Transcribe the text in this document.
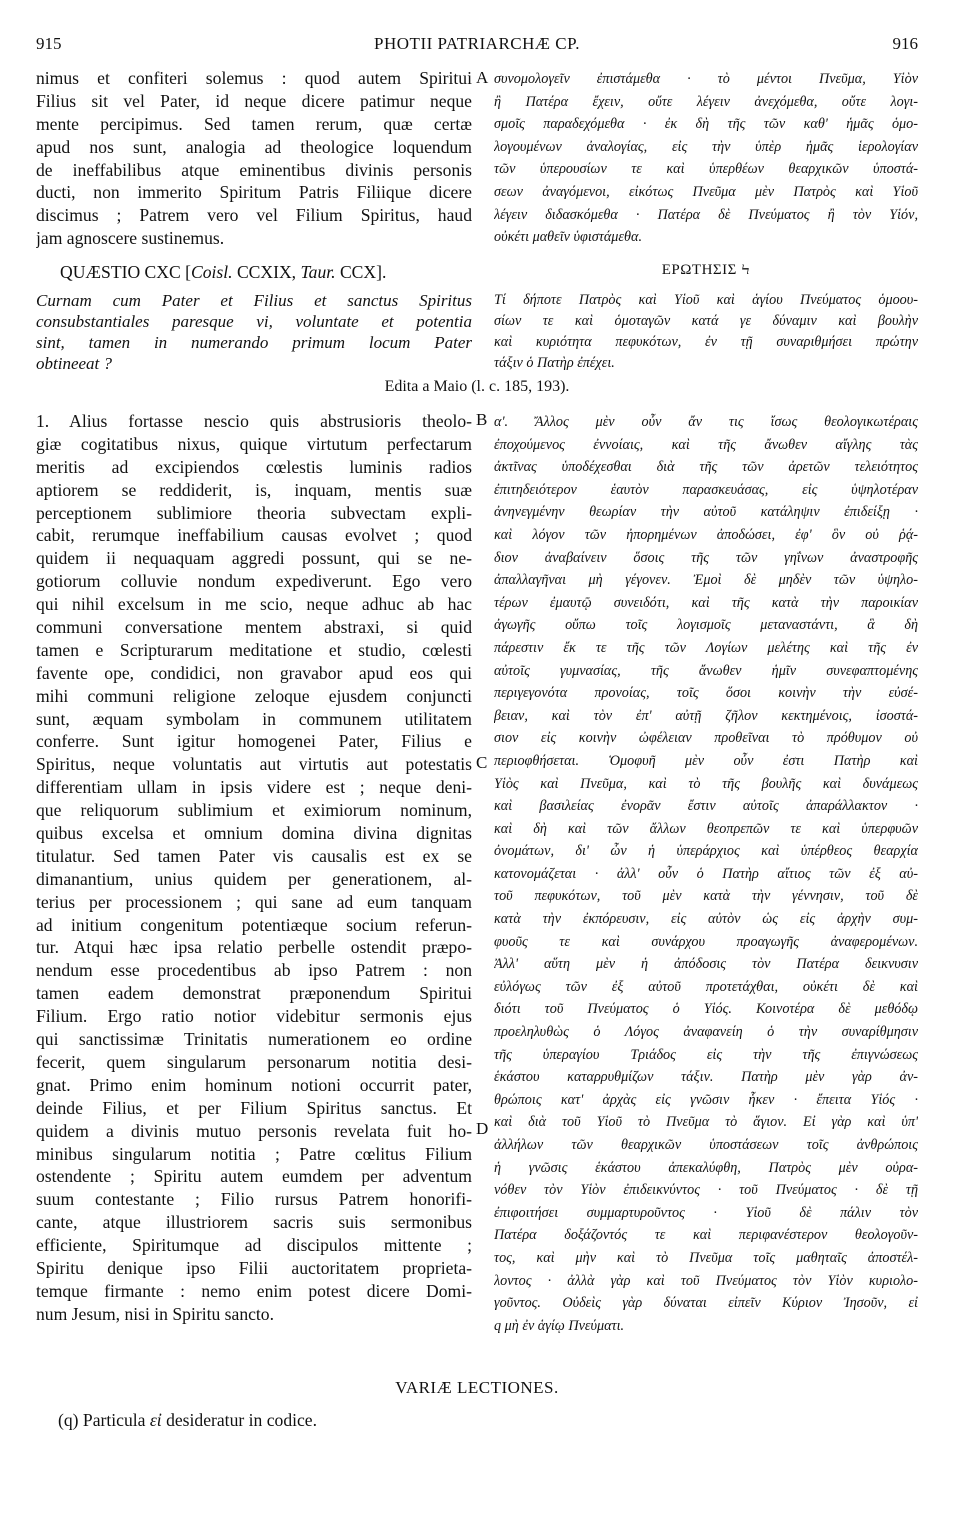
915	PHOTII PATRIARCHÆ CP.	916
nimus et confiteri solemus : quod autem Spiritui
Filius sit vel Pater, id neque dicere patimur neque
mente percipimus. Sed tamen rerum, quæ certæ
apud nos sunt, analogia ad theologice loquendum
de ineffabilibus atque eminentibus divinis personis
ducti, non immerito Spiritum Patris Filiique dicere
discimus ; Patrem vero vel Filium Spiritus, haud
jam agnoscere sustinemus.
συνομολογεῖν ἐπιστάμεθα · τὸ μέντοι Πνεῦμα, Υἱὸν
ἢ Πατέρα ἔχειν, οὔτε λέγειν ἀνεχόμεθα, οὔτε λογι-
σμοῖς παραδεχόμεθα · ἐκ δὴ τῆς τῶν καθ' ἡμᾶς ὁμο-
λογουμένων ἀναλογίας, εἰς τὴν ὑπὲρ ἡμᾶς ἱερολογίαν
τῶν ὑπερουσίων τε καὶ ὑπερθέων θεαρχικῶν ὑποστά-
σεων ἀναγόμενοι, εἰκότως Πνεῦμα μὲν Πατρὸς καὶ Υἱοῦ
λέγειν διδασκόμεθα · Πατέρα δὲ Πνεύματος ἢ τὸν Υἱόν,
οὐκέτι μαθεῖν ὑφιστάμεθα.
A
QUÆSTIO CXC [Coisl. CCXIX, Taur. CCX].	ΕΡΩΤΗΣΙΣ Ϟ
Curnam cum Pater et Filius et sanctus Spiritus
consubstantiales paresque vi, voluntate et potentia
sint, tamen in numerando primum locum Pater
obtineeat ?
Τί δήποτε Πατρὸς καὶ Υἱοῦ καὶ ἁγίου Πνεύματος ὁμοου-
σίων τε καὶ ὁμοταγῶν κατά γε δύναμιν καὶ βουλὴν
καὶ κυριότητα πεφυκότων, ἐν τῇ συναριθμήσει πρώτην
τάξιν ὁ Πατὴρ ἐπέχει.
Edita a Maio (l. c. 185, 193).
1. Alius fortasse nescio quis abstrusioris theolo-
giæ cogitatibus nixus, quique virtutum perfectarum
meritis ad excipiendos cœlestis luminis radios
aptiorem se reddiderit, is, inquam, mentis suæ
perceptionem sublimiore theoria subvectam expli-
cabit, rerumque ineffabilium causas evolvet ; quod
quidem ii nequaquam aggredi possunt, qui se ne-
gotiorum colluvie nondum expediverunt. Ego vero
qui nihil excelsum in me scio, neque adhuc ab hac
communi conversatione mentem abstraxi, si quid
tamen e Scripturarum meditatione et studio, cœlesti
favente ope, condidici, non gravabor apud eos qui
mihi communi religione zeloque ejusdem conjuncti
sunt, æquam symbolam in communem utilitatem
conferre. Sunt igitur homogenei Pater, Filius e
Spiritus, neque voluntatis aut virtutis aut potestatis
differentiam ullam in ipsis videre est ; neque deni-
que reliquorum sublimium et eximiorum nominum,
quibus excelsa et omnium domina divina dignitas
titulatur. Sed tamen Pater vis causalis est ex se
dimanantium, unius quidem per generationem, al-
terius per processionem ; qui sane ad eum tanquam
ad initium congenitum potentiæque socium referun-
tur. Atqui hæc ipsa relatio perbelle ostendit præpo-
nendum esse procedentibus ab ipso Patrem : non
tamen eadem demonstrat præponendum Spiritui
Filium. Ergo ratio notior videbitur sermonis ejus
qui sanctissimæ Trinitatis numerationem eo ordine
fecerit, quem singularum personarum notitia desi-
gnat. Primo enim hominum notioni occurrit pater,
deinde Filius, et per Filium Spiritus sanctus. Et
quidem a divinis mutuo personis revelata fuit ho-
minibus singularum notitia ; Patre cœlitus Filium
ostendente ; Spiritu autem eumdem per adventum
suum contestante ; Filio rursus Patrem honorifi-
cante, atque illustriorem sacris suis sermonibus
efficiente, Spiritumque ad discipulos mittente ;
Spiritu denique ipso Filii auctoritatem proprieta-
temque firmante : nemo enim potest dicere Domi-
num Jesum, nisi in Spiritu sancto.
α'. Ἄλλος μὲν οὖν ἄν τις ἴσως θεολογικωτέραις
ἐποχούμενος ἐννοίαις, καὶ τῆς ἄνωθεν αἴγλης τὰς
ἀκτῖνας ὑποδέχεσθαι διὰ τῆς τῶν ἀρετῶν τελειότητος
ἐπιτηδειότερον ἑαυτὸν παρασκευάσας, εἰς ὑψηλοτέραν
ἀνηνεγμένην θεωρίαν τὴν αὐτοῦ κατάληψιν ἐπιδείξῃ ·
καὶ λόγον τῶν ἠπορημένων ἀποδώσει, ἐφ' ὃν οὐ ῥᾴ-
διον ἀναβαίνειν ὅσοις τῆς τῶν γηΐνων ἀναστροφῆς
ἀπαλλαγῆναι μὴ γέγονεν. Ἐμοὶ δὲ μηδὲν τῶν ὑψηλο-
τέρων ἐμαυτῷ συνειδότι, καὶ τῆς κατὰ τὴν παροικίαν
ἀγωγῆς οὔπω τοῖς λογισμοῖς μεταναστάντι, ἃ δὴ
πάρεστιν ἔκ τε τῆς τῶν Λογίων μελέτης καὶ τῆς ἐν
αὐτοῖς γυμνασίας, τῆς ἄνωθεν ἡμῖν συνεφαπτομένης
περιγεγονότα προνοίας, τοῖς ὅσοι κοινὴν τὴν εὐσέ-
βειαν, καὶ τὸν ἐπ' αὐτῇ ζῆλον κεκτημένοις, ἰσοστά-
σιον εἰς κοινὴν ὠφέλειαν προθεῖναι τὸ πρόθυμον οὐ
περιοφθήσεται. Ὁμοφυῆ μὲν οὖν ἐστι Πατὴρ καὶ
Υἱὸς καὶ Πνεῦμα, καὶ τὸ τῆς βουλῆς καὶ δυνάμεως
καὶ βασιλείας ἐνορᾶν ἔστιν αὐτοῖς ἀπαράλλακτον ·
καὶ δὴ καὶ τῶν ἄλλων θεοπρεπῶν τε καὶ ὑπερφυῶν
ὀνομάτων, δι' ὧν ἡ ὑπεράρχιος καὶ ὑπέρθεος θεαρχία
κατονομάζεται · ἀλλ' οὖν ὁ Πατὴρ αἴτιος τῶν ἐξ αὐ-
τοῦ πεφυκότων, τοῦ μὲν κατὰ τὴν γέννησιν, τοῦ δὲ
κατὰ τὴν ἐκπόρευσιν, εἰς αὐτὸν ὡς εἰς ἀρχὴν συμ-
φυοῦς τε καὶ συνάρχου προαγωγῆς ἀναφερομένων.
Ἀλλ' αὕτη μὲν ἡ ἀπόδοσις τὸν Πατέρα δεικνυσιν
εὐλόγως τῶν ἐξ αὐτοῦ προτετάχθαι, οὐκέτι δὲ καὶ
διότι τοῦ Πνεύματος ὁ Υἱός. Κοινοτέρα δὲ μεθόδῳ
προεληλυθὼς ὁ Λόγος ἀναφανείη ὁ τὴν συναρίθμησιν
τῆς ὑπεραγίου Τριάδος εἰς τὴν τῆς ἐπιγνώσεως
ἑκάστου καταρρυθμίζων τάξιν. Πατὴρ μὲν γὰρ ἀν-
θρώποις κατ' ἀρχὰς εἰς γνῶσιν ἧκεν · ἔπειτα Υἱός ·
καὶ διὰ τοῦ Υἱοῦ τὸ Πνεῦμα τὸ ἅγιον. Εἰ γὰρ καὶ ὑπ'
ἀλλήλων τῶν θεαρχικῶν ὑποστάσεων τοῖς ἀνθρώποις
ἡ γνῶσις ἑκάστου ἀπεκαλύφθη, Πατρὸς μὲν οὐρα-
νόθεν τὸν Υἱὸν ἐπιδεικνύντος · τοῦ Πνεύματος · δὲ τῇ
ἐπιφοιτήσει συμμαρτυροῦντος · Υἱοῦ δὲ πάλιν τὸν
Πατέρα δοξάζοντός τε καὶ περιφανέστερον θεολογοῦν-
τος, καὶ μὴν καὶ τὸ Πνεῦμα τοῖς μαθηταῖς ἀποστέλ-
λοντος · ἀλλὰ γὰρ καὶ τοῦ Πνεύματος τὸν Υἱὸν κυριολο-
γοῦντος. Οὐδεὶς γὰρ δύναται εἰπεῖν Κύριον Ἰησοῦν, εἰ
q μὴ ἐν ἁγίῳ Πνεύματι.
B
C
D
VARIÆ LECTIONES.
(q) Particula εἰ desideratur in codice.
